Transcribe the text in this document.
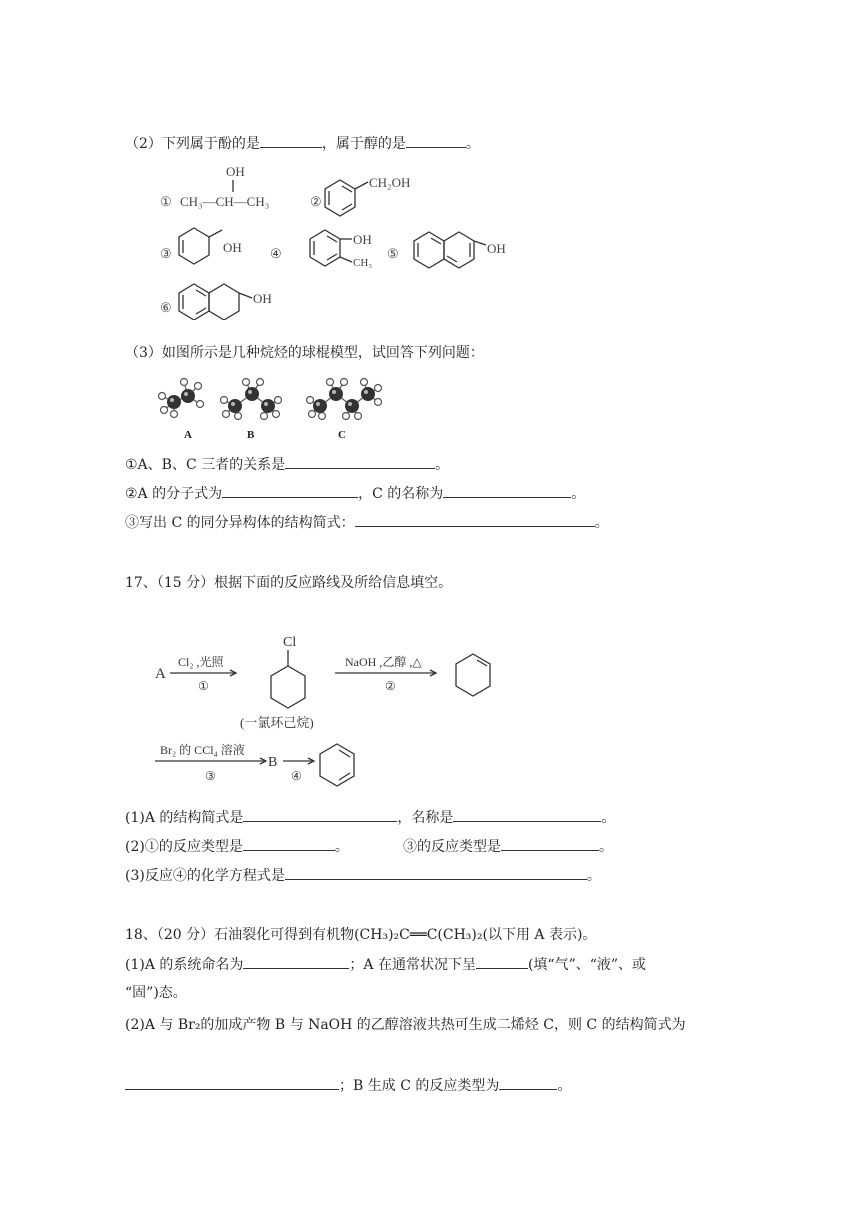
（2）下列属于酚的是	，属于醇的是	。
①
OH
CH₃—CH—CH₃	②
CH₂OH
③	OH ④
OH
CH₃
⑤	OH
⑥
OH
（3）如图所示是几种烷烃的球棍模型，试回答下列问题：
A	B	C
①A、B、C 三者的关系是	。
②A 的分子式为	，C 的名称为	。
③写出 C 的同分异构体的结构简式：	。
17、（15 分）根据下面的反应路线及所给信息填空。
A
Cl₂ ,光照
①
Cl
(一氯环己烷)
NaOH ,乙醇 ,△
②
Br₂ 的 CCl₄ 溶液
③
B
④
(1)A 的结构简式是	，名称是	。
(2)①的反应类型是	。	③的反应类型是	。
(3)反应④的化学方程式是	。
18、（20 分）石油裂化可得到有机物(CH₃)₂C══C(CH₃)₂(以下用 A 表示)。
(1)A 的系统命名为	；A 在通常状况下呈	(填“气”、“液”、或
“固”)态。
(2)A 与 Br₂的加成产物 B 与 NaOH 的乙醇溶液共热可生成二烯烃 C，则 C 的结构简式为
；B 生成 C 的反应类型为	。
